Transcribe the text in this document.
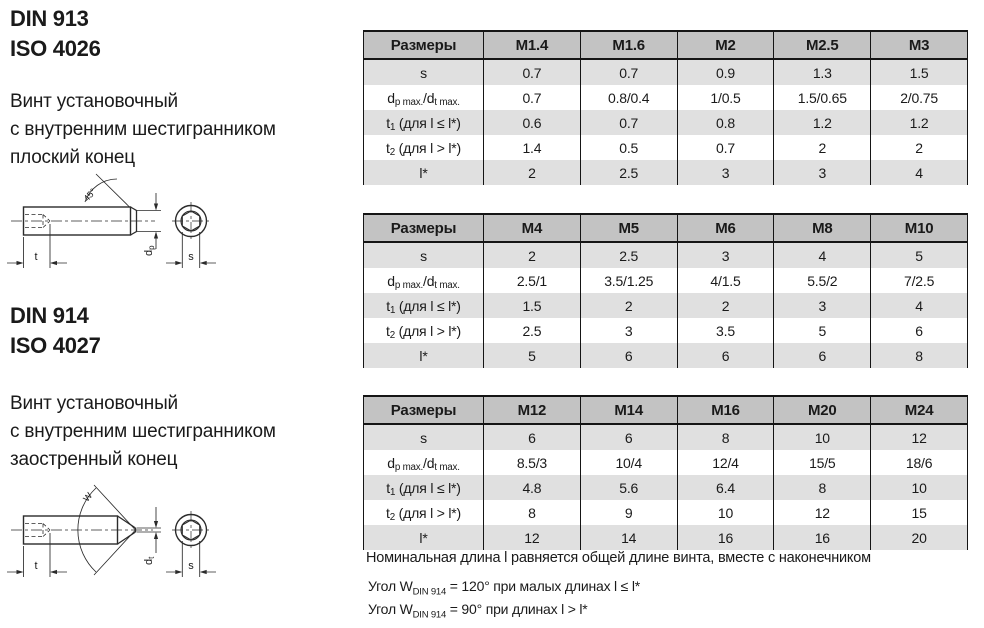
DIN 913
ISO 4026
Винт установочный
с внутренним шестигранником
плоский конец
45°
t	dp
s
DIN 914
ISO 4027
Винт установочный
с внутренним шестигранником
заостренный конец
W
t	dt
s
Размеры	M1.4	M1.6	M2	M2.5	M3
s	0.7	0.7	0.9	1.3	1.5
$d_{p max.}/d_{t max.}$	0.7	0.8/0.4	1/0.5	1.5/0.65	2/0.75
$t_1$ (для l ≤ l*)	0.6	0.7	0.8	1.2	1.2
$t_2$ (для l > l*)	1.4	0.5	0.7	2	2
l*	2	2.5	3	3	4
Размеры	M4	M5	M6	M8	M10
s	2	2.5	3	4	5
$d_{p max.}/d_{t max.}$	2.5/1	3.5/1.25	4/1.5	5.5/2	7/2.5
$t_1$ (для l ≤ l*)	1.5	2	2	3	4
$t_2$ (для l > l*)	2.5	3	3.5	5	6
l*	5	6	6	6	8
Размеры	M12	M14	M16	M20	M24
s	6	6	8	10	12
$d_{p max.}/d_{t max.}$	8.5/3	10/4	12/4	15/5	18/6
$t_1$ (для l ≤ l*)	4.8	5.6	6.4	8	10
$t_2$ (для l > l*)	8	9	10	12	15
l*	12	14	16	16	20
Номинальная длина l равняется общей длине винта, вместе с наконечником
Угол $W_{DIN 914} = 120^\circ$ при малых длинах l ≤ l*
Угол $W_{DIN 914} = 90^\circ$ при длинах l > l*
